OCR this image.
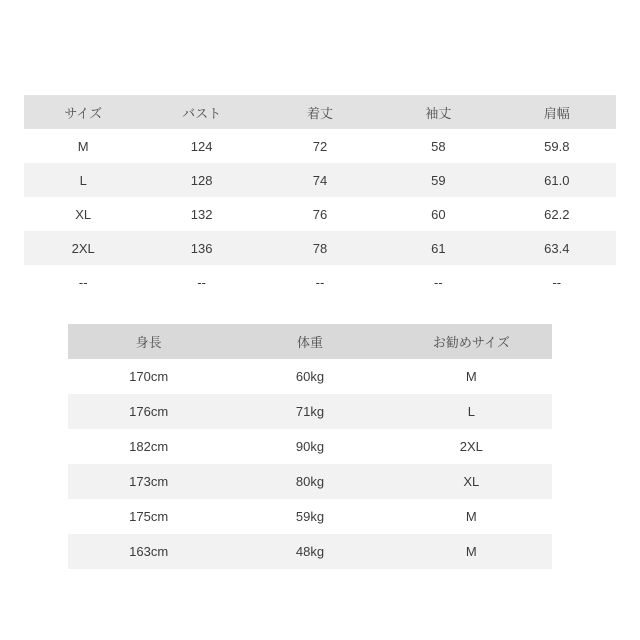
サイズ	バスト	着丈	袖丈	肩幅
M	124	72	58	59.8
L	128	74	59	61.0
XL	132	76	60	62.2
2XL	136	78	61	63.4
--	--	--	--	--
身長	体重	お勧めサイズ
170cm	60kg	M
176cm	71kg	L
182cm	90kg	2XL
173cm	80kg	XL
175cm	59kg	M
163cm	48kg	M
